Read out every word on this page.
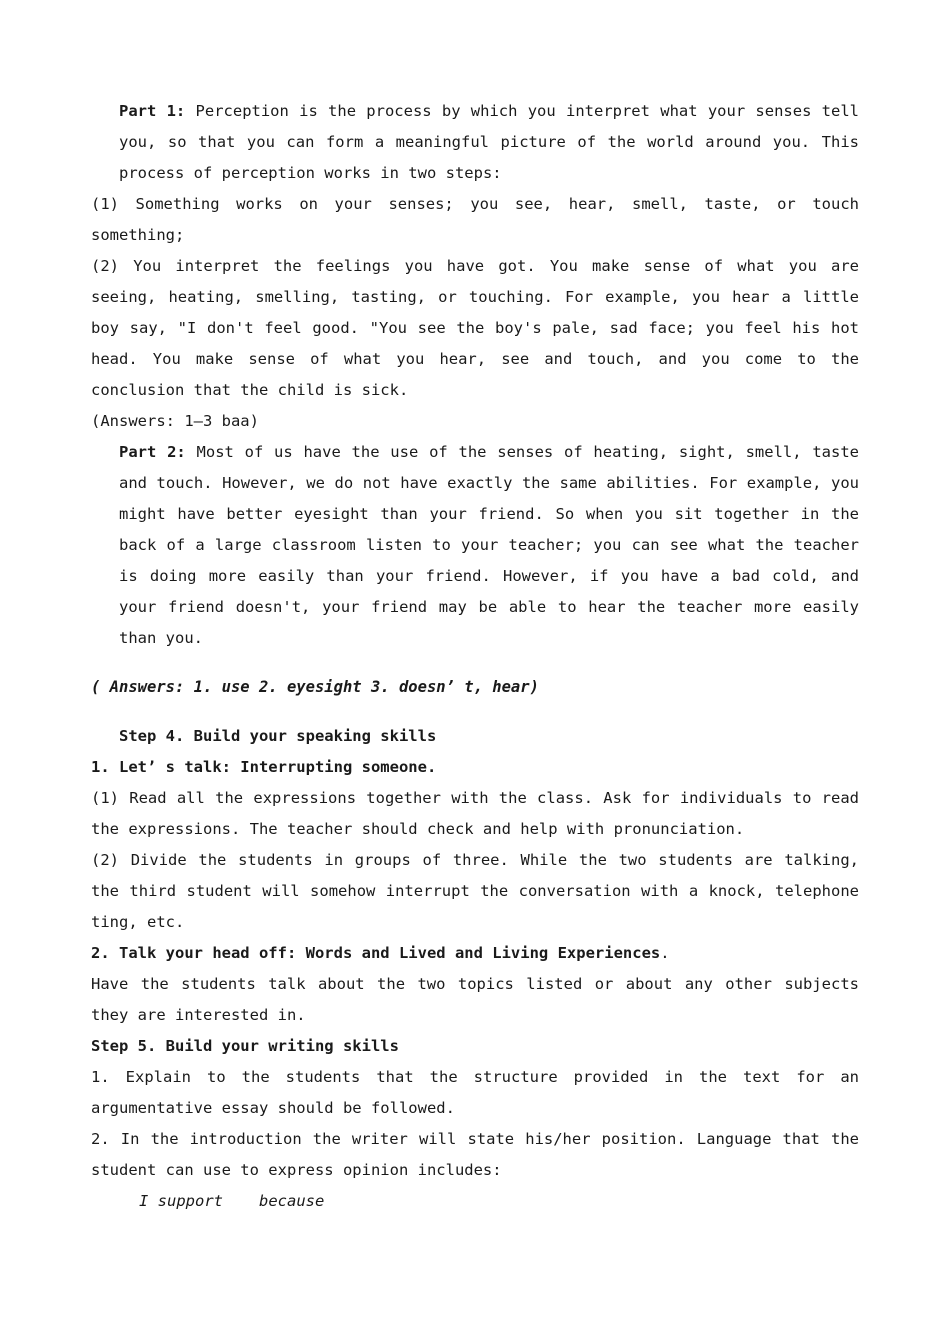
Part 1: Perception is the process by which you interpret what your senses tell you, so that you can form a meaningful picture of the world around you. This process of perception works in two steps:

(1) Something works on your senses; you see, hear, smell, taste, or touch something;

(2) You interpret the feelings you have got. You make sense of what you are seeing, heating, smelling, tasting, or touching. For example, you hear a little boy say, "I don't feel good. "You see the boy's pale, sad face; you feel his hot head. You make sense of what you hear, see and touch, and you come to the conclusion that the child is sick.

(Answers: 1—3 baa)

Part 2: Most of us have the use of the senses of heating, sight, smell, taste and touch. However, we do not have exactly the same abilities. For example, you might have better eyesight than your friend. So when you sit together in the back of a large classroom listen to your teacher; you can see what the teacher is doing more easily than your friend. However, if you have a bad cold, and your friend doesn't, your friend may be able to hear the teacher more easily than you.

( Answers: 1. use 2. eyesight 3. doesn’ t, hear)

Step 4. Build your speaking skills

1. Let’ s talk: Interrupting someone.

(1) Read all the expressions together with the class. Ask for individuals to read the expressions. The teacher should check and help with pronunciation.

(2) Divide the students in groups of three. While the two students are talking, the third student will somehow interrupt the conversation with a knock, telephone ting, etc.

2. Talk your head off: Words and Lived and Living Experiences.

Have the students talk about the two topics listed or about any other subjects they are interested in.

Step 5. Build your writing skills

1. Explain to the students that the structure provided in the text for an argumentative essay should be followed.

2. In the introduction the writer will state his/her position. Language that the student can use to express opinion includes:

I support because
